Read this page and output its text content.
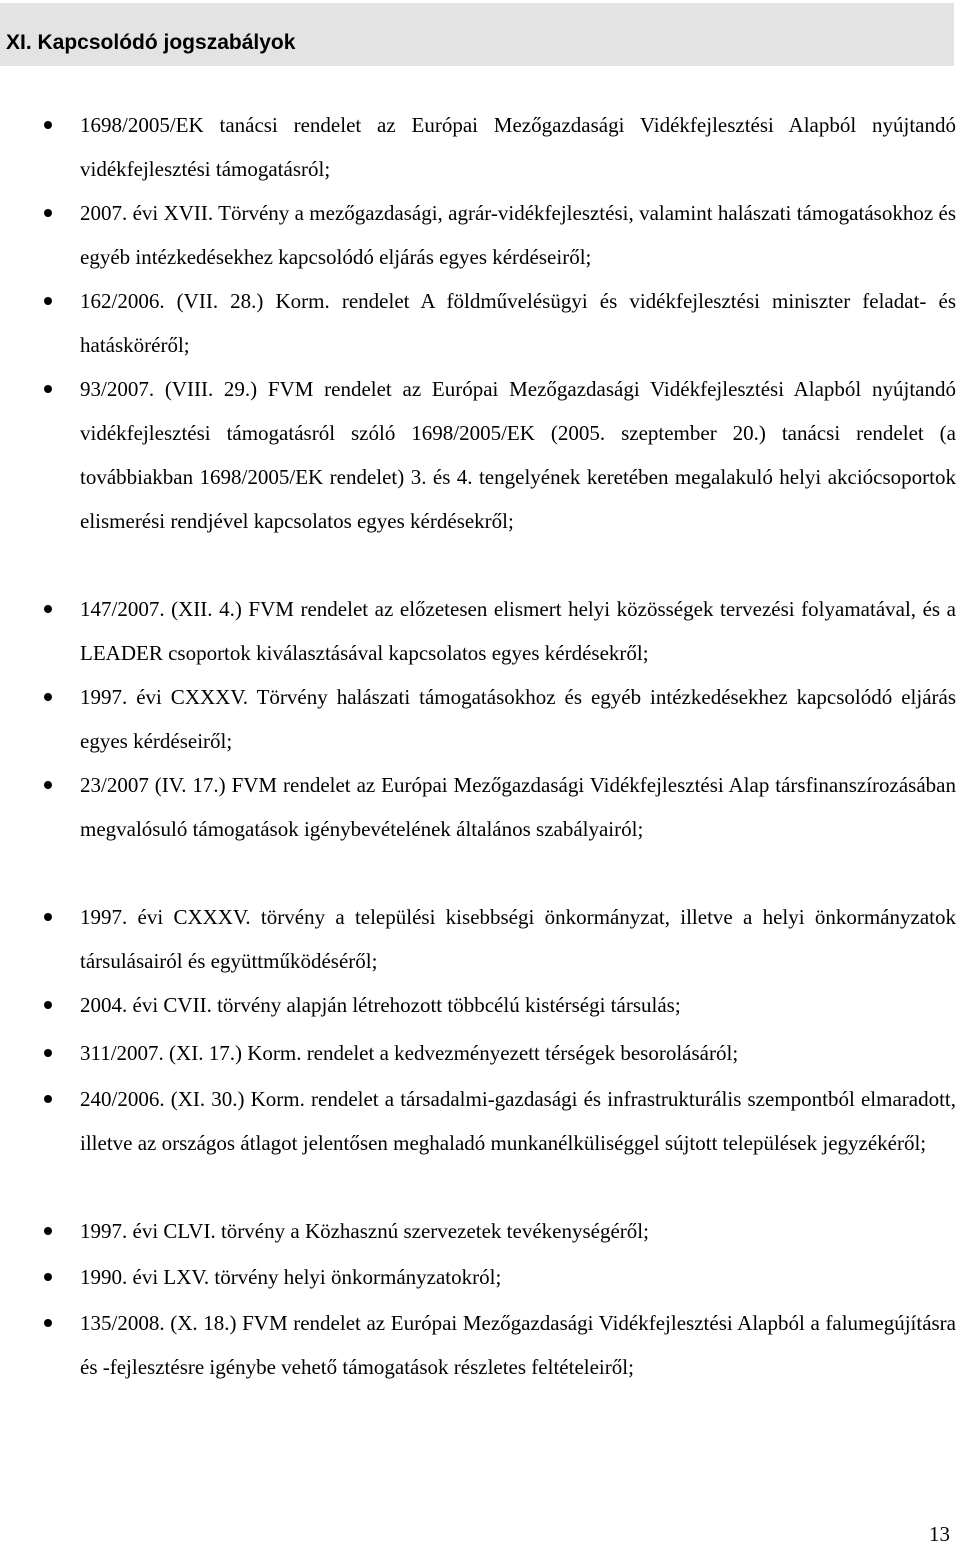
XI. Kapcsolódó jogszabályok
1698/2005/EK tanácsi rendelet az Európai Mezőgazdasági Vidékfejlesztési Alapból nyújtandó vidékfejlesztési támogatásról;
2007. évi XVII. Törvény a mezőgazdasági, agrár-vidékfejlesztési, valamint halászati támogatásokhoz és egyéb intézkedésekhez kapcsolódó eljárás egyes kérdéseiről;
162/2006. (VII. 28.) Korm. rendelet A földművelésügyi és vidékfejlesztési miniszter feladat- és hatásköréről;
93/2007. (VIII. 29.) FVM rendelet az Európai Mezőgazdasági Vidékfejlesztési Alapból nyújtandó vidékfejlesztési támogatásról szóló 1698/2005/EK (2005. szeptember 20.) tanácsi rendelet (a továbbiakban 1698/2005/EK rendelet) 3. és 4. tengelyének keretében megalakuló helyi akciócsoportok elismerési rendjével kapcsolatos egyes kérdésekről;
147/2007. (XII. 4.) FVM rendelet az előzetesen elismert helyi közösségek tervezési folyamatával, és a LEADER csoportok kiválasztásával kapcsolatos egyes kérdésekről;
1997. évi CXXXV. Törvény halászati támogatásokhoz és egyéb intézkedésekhez kapcsolódó eljárás egyes kérdéseiről;
23/2007 (IV. 17.) FVM rendelet az Európai Mezőgazdasági Vidékfejlesztési Alap társfinanszírozásában megvalósuló támogatások igénybevételének általános szabályairól;
1997. évi CXXXV. törvény a települési kisebbségi önkormányzat, illetve a helyi önkormányzatok társulásairól és együttműködéséről;
2004. évi CVII. törvény alapján létrehozott többcélú kistérségi társulás;
311/2007. (XI. 17.) Korm. rendelet a kedvezményezett térségek besorolásáról;
240/2006. (XI. 30.) Korm. rendelet a társadalmi-gazdasági és infrastrukturális szempontból elmaradott, illetve az országos átlagot jelentősen meghaladó munkanélküliséggel sújtott települések jegyzékéről;
1997. évi CLVI. törvény a Közhasznú szervezetek tevékenységéről;
1990. évi LXV. törvény helyi önkormányzatokról;
135/2008. (X. 18.) FVM rendelet az Európai Mezőgazdasági Vidékfejlesztési Alapból a falumegújításra és -fejlesztésre igénybe vehető támogatások részletes feltételeiről;
13
